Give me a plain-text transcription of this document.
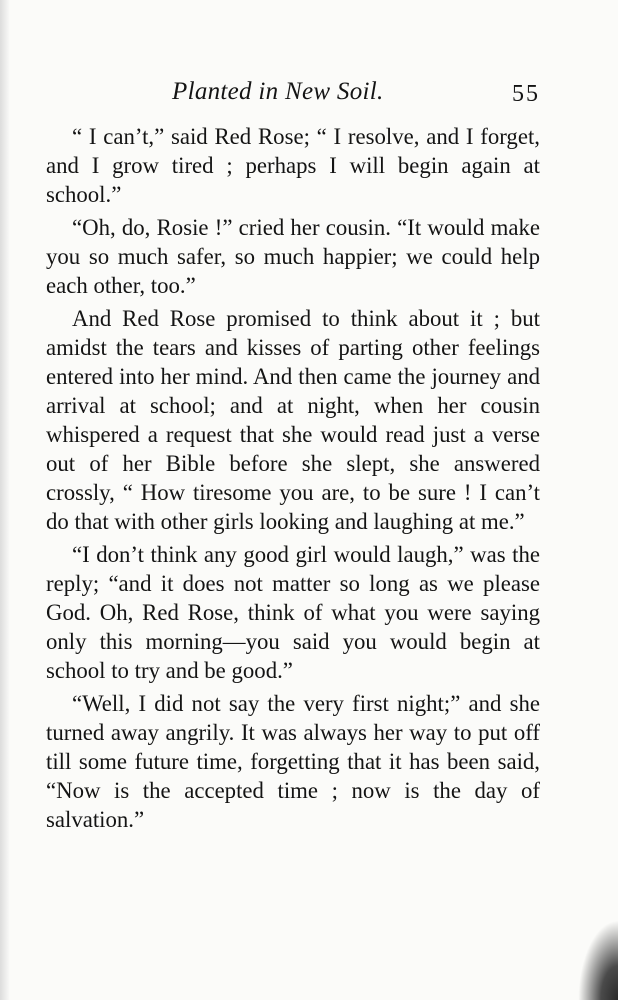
Planted in New Soil.	55

“ I can’t,” said Red Rose; “ I resolve, and I forget, and I grow tired ; perhaps I will begin again at school.”

“Oh, do, Rosie !” cried her cousin. “It would make you so much safer, so much happier; we could help each other, too.”

And Red Rose promised to think about it ; but amidst the tears and kisses of parting other feelings entered into her mind. And then came the journey and arrival at school; and at night, when her cousin whispered a request that she would read just a verse out of her Bible before she slept, she answered crossly, “ How tiresome you are, to be sure ! I can’t do that with other girls looking and laughing at me.”

“I don’t think any good girl would laugh,” was the reply; “and it does not matter so long as we please God. Oh, Red Rose, think of what you were saying only this morning—you said you would begin at school to try and be good.”

“Well, I did not say the very first night;” and she turned away angrily. It was always her way to put off till some future time, forgetting that it has been said, “Now is the accepted time ; now is the day of salvation.”
